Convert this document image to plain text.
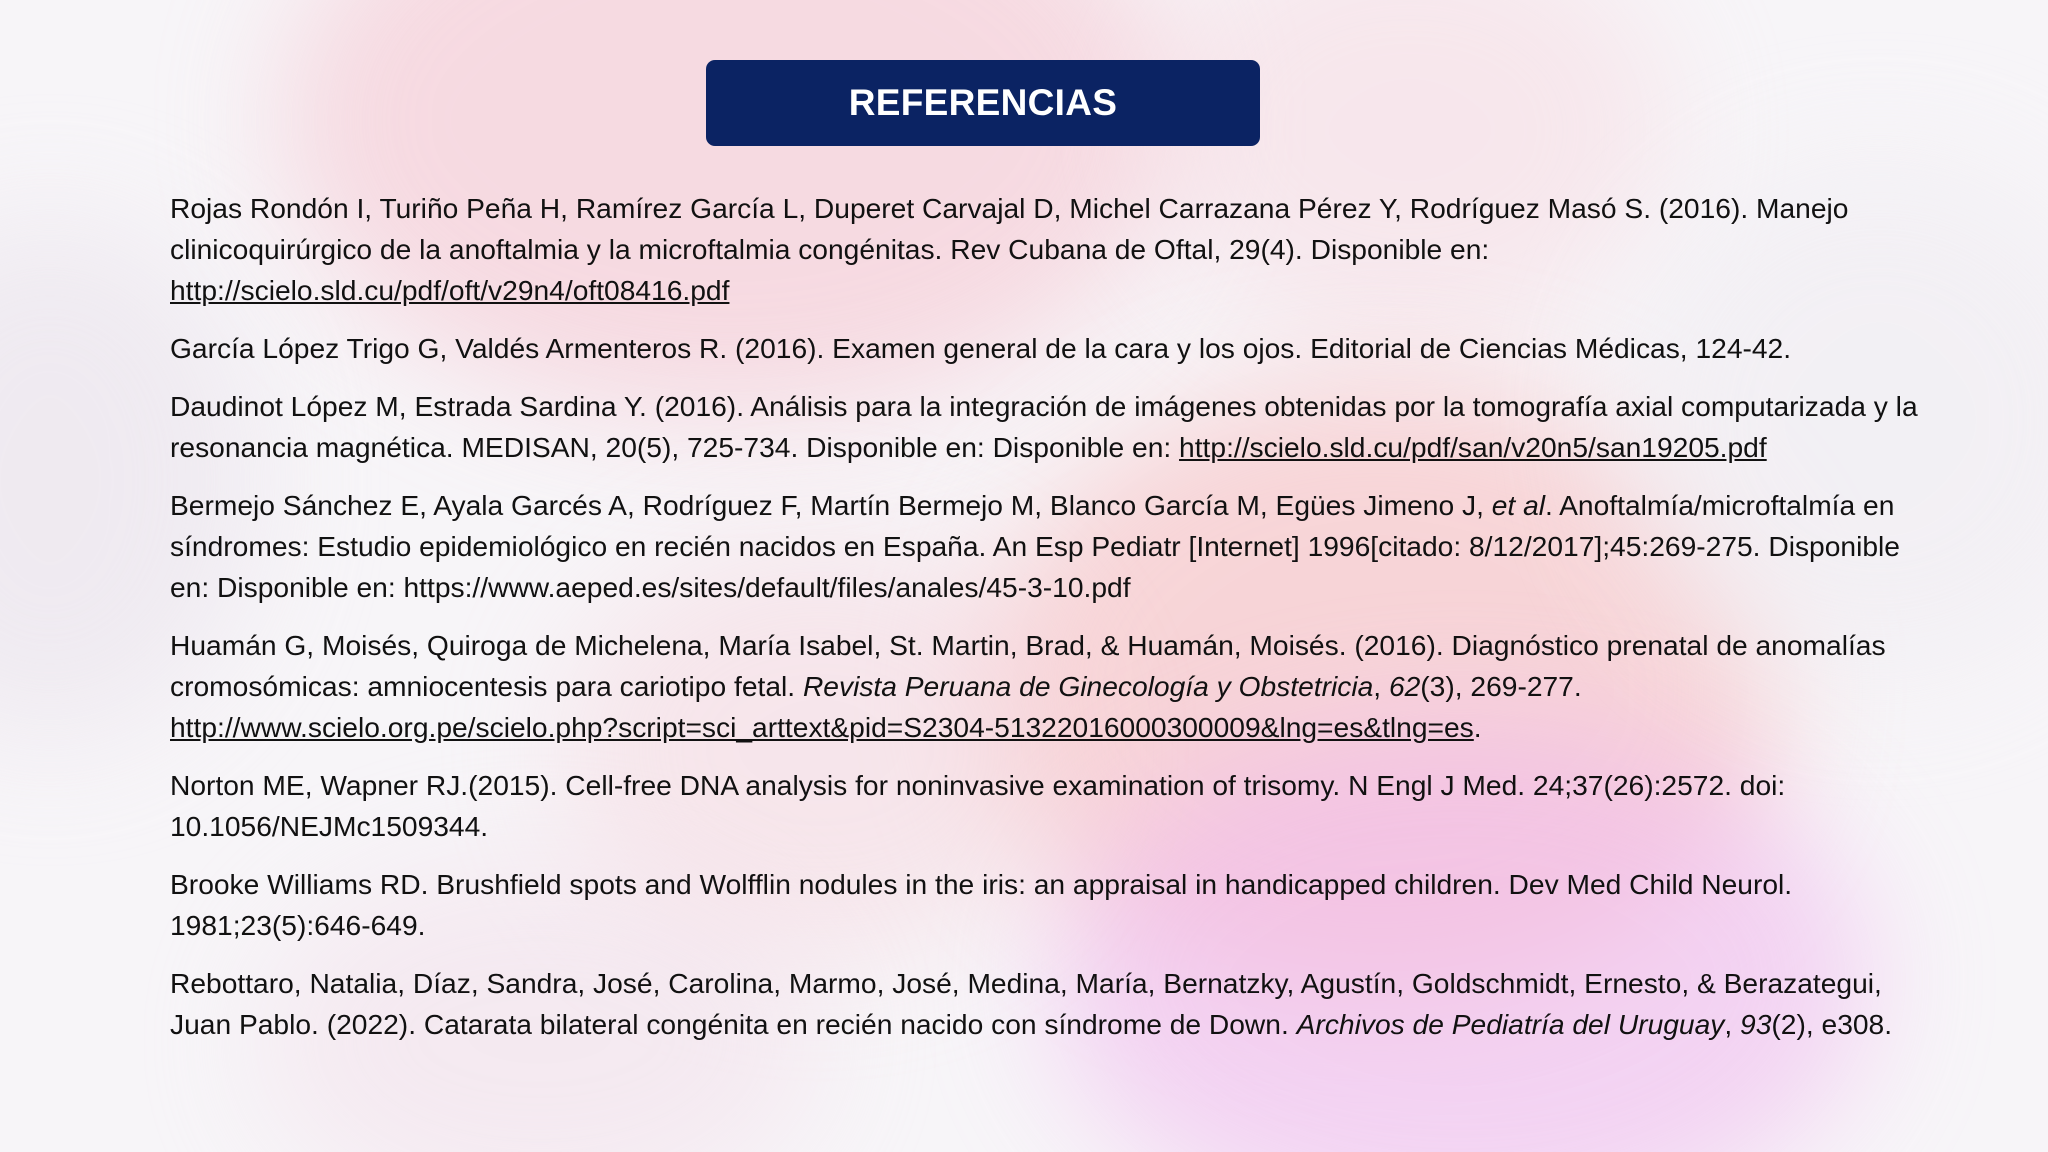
REFERENCIAS

Rojas Rondón I, Turiño Peña H, Ramírez García L, Duperet Carvajal D, Michel Carrazana Pérez Y, Rodríguez Masó S. (2016). Manejo clinicoquirúrgico de la anoftalmia y la microftalmia congénitas. Rev Cubana de Oftal, 29(4). Disponible en: http://scielo.sld.cu/pdf/oft/v29n4/oft08416.pdf

García López Trigo G, Valdés Armenteros R. (2016). Examen general de la cara y los ojos. Editorial de Ciencias Médicas, 124-42.

Daudinot López M, Estrada Sardina Y. (2016). Análisis para la integración de imágenes obtenidas por la tomografía axial computarizada y la resonancia magnética. MEDISAN, 20(5), 725-734. Disponible en: Disponible en: http://scielo.sld.cu/pdf/san/v20n5/san19205.pdf

Bermejo Sánchez E, Ayala Garcés A, Rodríguez F, Martín Bermejo M, Blanco García M, Egües Jimeno J, et al. Anoftalmía/microftalmía en síndromes: Estudio epidemiológico en recién nacidos en España. An Esp Pediatr [Internet] 1996[citado: 8/12/2017];45:269-275. Disponible en: Disponible en: https://www.aeped.es/sites/default/files/anales/45-3-10.pdf

Huamán G, Moisés, Quiroga de Michelena, María Isabel, St. Martin, Brad, & Huamán, Moisés. (2016). Diagnóstico prenatal de anomalías cromosómicas: amniocentesis para cariotipo fetal. Revista Peruana de Ginecología y Obstetricia, 62(3), 269-277. http://www.scielo.org.pe/scielo.php?script=sci_arttext&pid=S2304-51322016000300009&lng=es&tlng=es.

Norton ME, Wapner RJ.(2015). Cell-free DNA analysis for noninvasive examination of trisomy. N Engl J Med. 24;37(26):2572. doi: 10.1056/NEJMc1509344.

Brooke Williams RD. Brushfield spots and Wolfflin nodules in the iris: an appraisal in handicapped children. Dev Med Child Neurol. 1981;23(5):646-649.

Rebottaro, Natalia, Díaz, Sandra, José, Carolina, Marmo, José, Medina, María, Bernatzky, Agustín, Goldschmidt, Ernesto, & Berazategui, Juan Pablo. (2022). Catarata bilateral congénita en recién nacido con síndrome de Down. Archivos de Pediatría del Uruguay, 93(2), e308.
